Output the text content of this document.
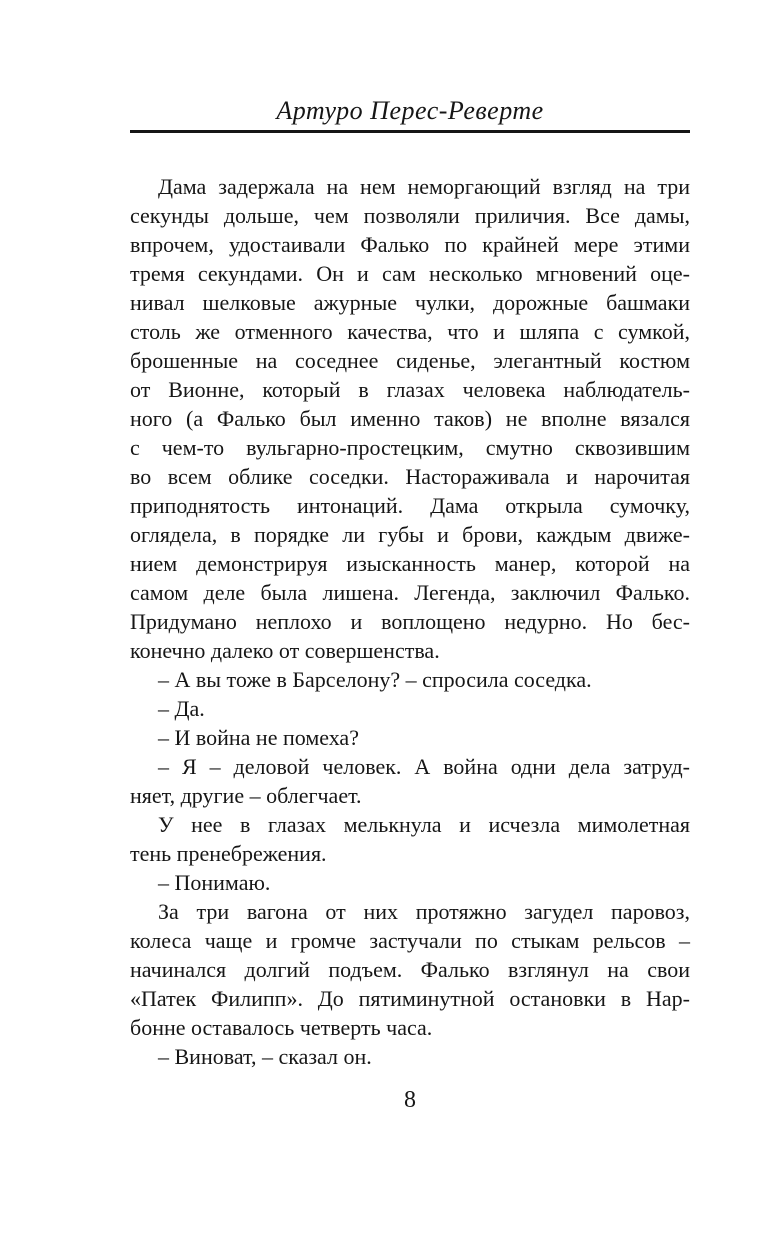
Артуро Перес-Реверте
Дама задержала на нем неморгающий взгляд на три
секунды дольше, чем позволяли приличия. Все дамы,
впрочем, удостаивали Фалько по крайней мере этими
тремя секундами. Он и сам несколько мгновений оце-
нивал шелковые ажурные чулки, дорожные башмаки
столь же отменного качества, что и шляпа с сумкой,
брошенные на соседнее сиденье, элегантный костюм
от Вионне, который в глазах человека наблюдатель-
ного (а Фалько был именно таков) не вполне вязался
с чем-то вульгарно-простецким, смутно сквозившим
во всем облике соседки. Настораживала и нарочитая
приподнятость интонаций. Дама открыла сумочку,
оглядела, в порядке ли губы и брови, каждым движе-
нием демонстрируя изысканность манер, которой на
самом деле была лишена. Легенда, заключил Фалько.
Придумано неплохо и воплощено недурно. Но бес-
конечно далеко от совершенства.
– А вы тоже в Барселону? – спросила соседка.
– Да.
– И война не помеха?
– Я – деловой человек. А война одни дела затруд-
няет, другие – облегчает.
У нее в глазах мелькнула и исчезла мимолетная
тень пренебрежения.
– Понимаю.
За три вагона от них протяжно загудел паровоз,
колеса чаще и громче застучали по стыкам рельсов –
начинался долгий подъем. Фалько взглянул на свои
«Патек Филипп». До пятиминутной остановки в Нар-
бонне оставалось четверть часа.
– Виноват, – сказал он.
8
